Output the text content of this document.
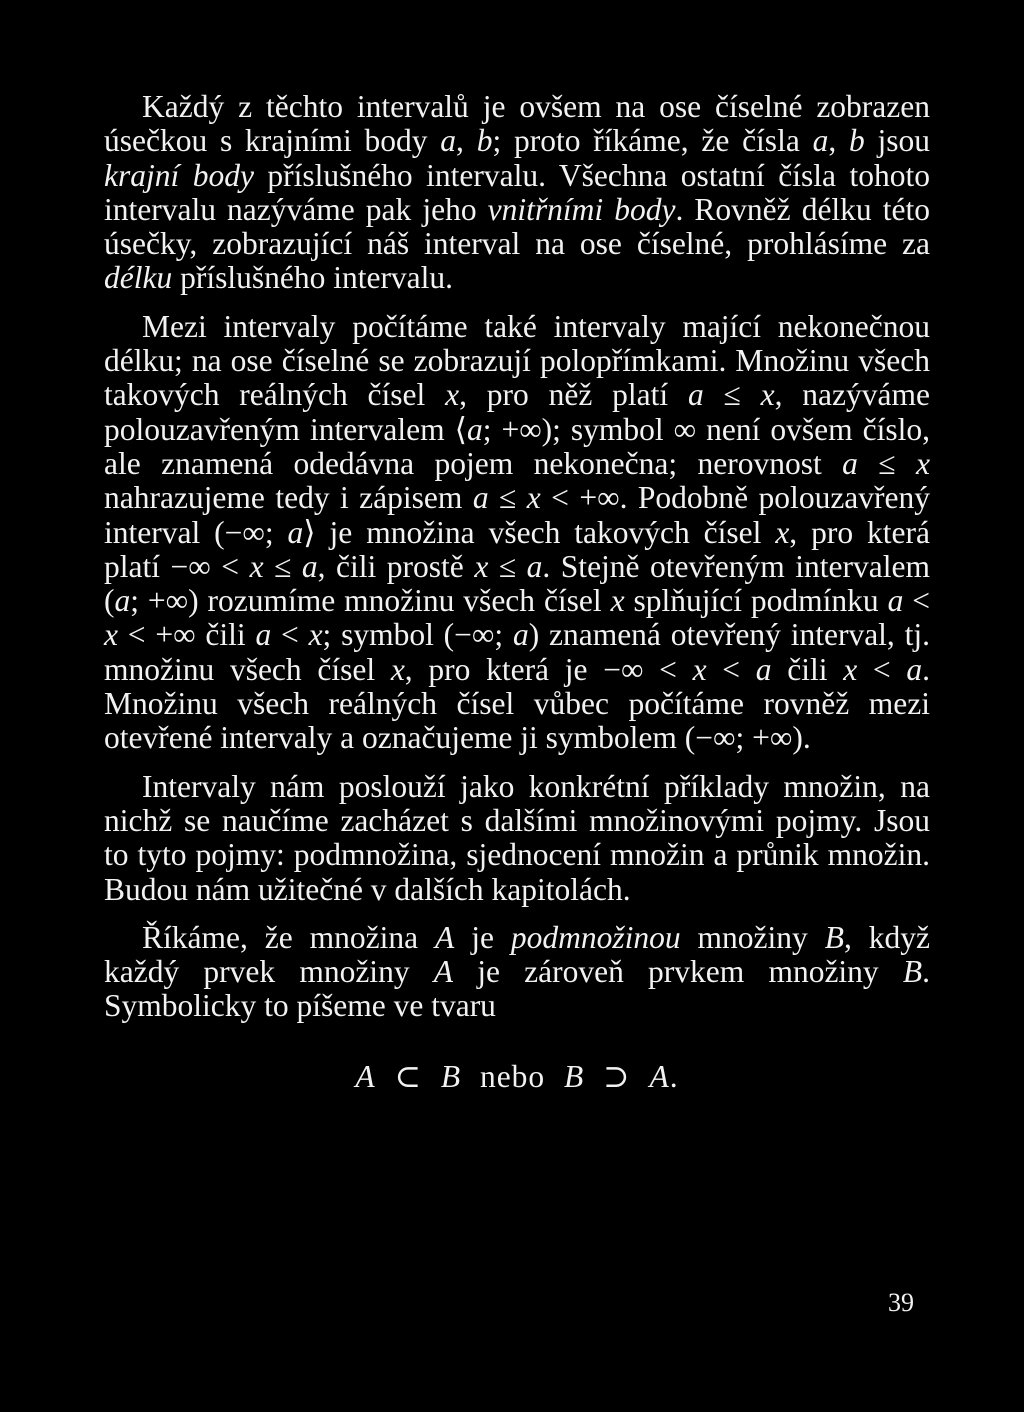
Každý z těchto intervalů je ovšem na ose číselné zobrazen úsečkou s krajními body a, b; proto říkáme, že čísla a, b jsou krajní body příslušného intervalu. Všechna ostatní čísla tohoto intervalu nazýváme pak jeho vnitřními body. Rovněž délku této úsečky, zobrazující náš interval na ose číselné, prohlásíme za délku příslušného intervalu.

Mezi intervaly počítáme také intervaly mající nekonečnou délku; na ose číselné se zobrazují polopřímkami. Množinu všech takových reálných čísel x, pro něž platí a ≤ x, nazýváme polouzavřeným intervalem ⟨a; +∞); symbol ∞ není ovšem číslo, ale znamená odedávna pojem nekonečna; nerovnost a ≤ x nahrazujeme tedy i zápisem a ≤ x < +∞. Podobně polouzavřený interval (−∞; a⟩ je množina všech takových čísel x, pro která platí −∞ < x ≤ a, čili prostě x ≤ a. Stejně otevřeným intervalem (a; +∞) rozumíme množinu všech čísel x splňující podmínku a < x < +∞ čili a < x; symbol (−∞; a) znamená otevřený interval, tj. množinu všech čísel x, pro která je −∞ < x < a čili x < a. Množinu všech reálných čísel vůbec počítáme rovněž mezi otevřené intervaly a označujeme ji symbolem (−∞; +∞).

Intervaly nám poslouží jako konkrétní příklady množin, na nichž se naučíme zacházet s dalšími množinovými pojmy. Jsou to tyto pojmy: podmnožina, sjednocení množin a průnik množin. Budou nám užitečné v dalších kapitolách.

Říkáme, že množina A je podmnožinou množiny B, když každý prvek množiny A je zároveň prvkem množiny B. Symbolicky to píšeme ve tvaru

A ⊂ B nebo B ⊃ A.
39
